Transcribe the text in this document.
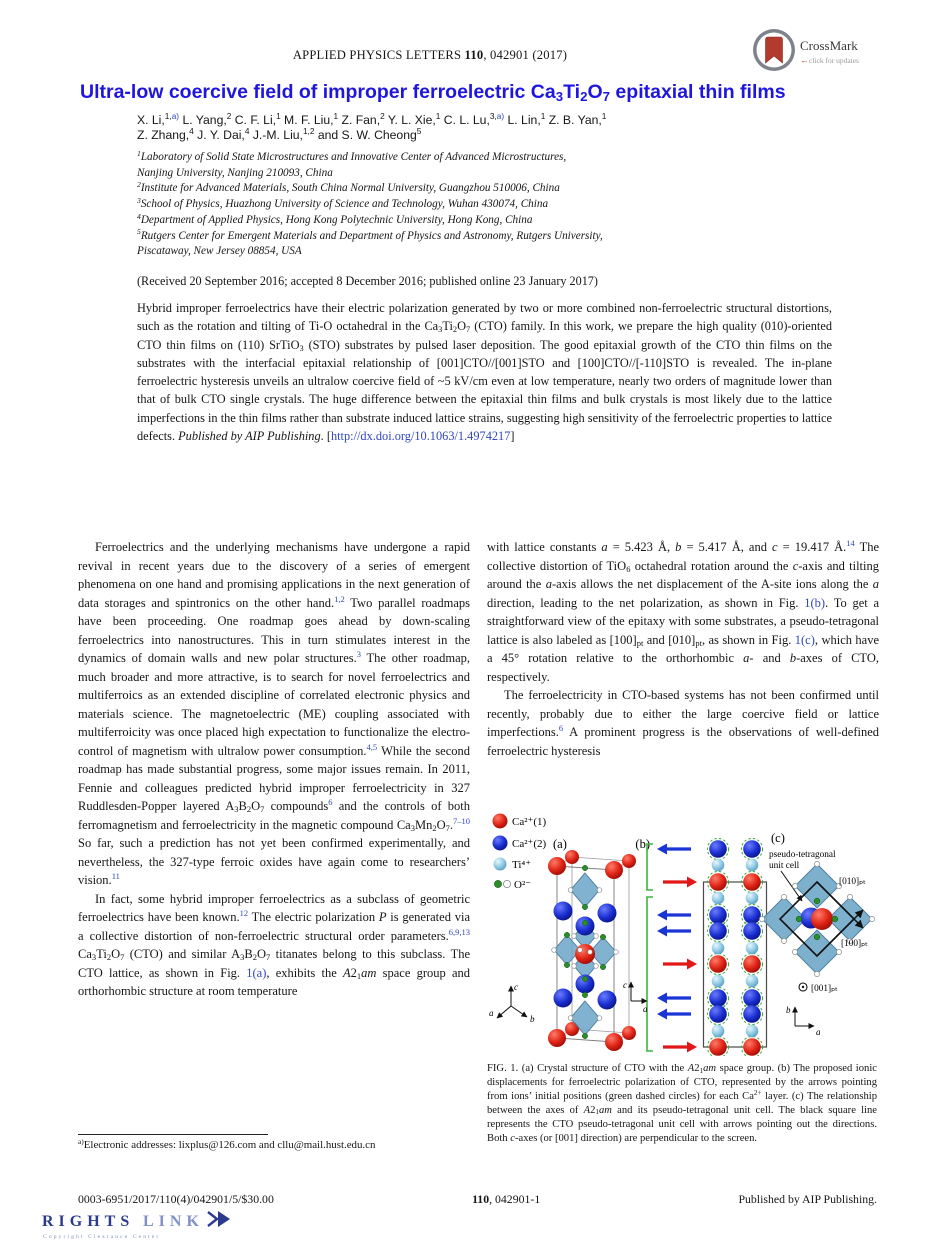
APPLIED PHYSICS LETTERS 110, 042901 (2017)
CrossMark
← click for updates
Ultra-low coercive field of improper ferroelectric $Ca_3Ti_2O_7$ epitaxial thin films
X. Li,$^{1,a)}$ L. Yang,$^2$ C. F. Li,$^1$ M. F. Liu,$^1$ Z. Fan,$^2$ Y. L. Xie,$^1$ C. L. Lu,$^{3,a)}$ L. Lin,$^1$ Z. B. Yan,$^1$
Z. Zhang,$^4$ J. Y. Dai,$^4$ J.-M. Liu,$^{1,2}$ and S. W. Cheong$^5$
$^1$Laboratory of Solid State Microstructures and Innovative Center of Advanced Microstructures,
Nanjing University, Nanjing 210093, China
$^2$Institute for Advanced Materials, South China Normal University, Guangzhou 510006, China
$^3$School of Physics, Huazhong University of Science and Technology, Wuhan 430074, China
$^4$Department of Applied Physics, Hong Kong Polytechnic University, Hong Kong, China
$^5$Rutgers Center for Emergent Materials and Department of Physics and Astronomy, Rutgers University,
Piscataway, New Jersey 08854, USA
(Received 20 September 2016; accepted 8 December 2016; published online 23 January 2017)
Hybrid improper ferroelectrics have their electric polarization generated by two or more combined non-ferroelectric structural distortions, such as the rotation and tilting of Ti-O octahedral in the $Ca_3Ti_2O_7$ (CTO) family. In this work, we prepare the high quality (010)-oriented CTO thin films on (110) SrTiO$_3$ (STO) substrates by pulsed laser deposition. The good epitaxial growth of the CTO thin films on the substrates with the interfacial epitaxial relationship of [001]CTO//[001]STO and [100]CTO//[-110]STO is revealed. The in-plane ferroelectric hysteresis unveils an ultralow coercive field of ~5 kV/cm even at low temperature, nearly two orders of magnitude lower than that of bulk CTO single crystals. The huge difference between the epitaxial thin films and bulk crystals is most likely due to the lattice imperfections in the thin films rather than substrate induced lattice strains, suggesting high sensitivity of the ferroelectric properties to lattice defects. Published by AIP Publishing. [http://dx.doi.org/10.1063/1.4974217]

Ferroelectrics and the underlying mechanisms have undergone a rapid revival in recent years due to the discovery of a series of emergent phenomena on one hand and promising applications in the next generation of data storages and spintronics on the other hand.$^{1,2}$ Two parallel roadmaps have been proceeding. One roadmap goes ahead by down-scaling ferroelectrics into nanostructures. This in turn stimulates interest in the dynamics of domain walls and new polar structures.$^3$ The other roadmap, much broader and more attractive, is to search for novel ferroelectrics and multiferroics as an extended discipline of correlated electronic physics and materials science. The magnetoelectric (ME) coupling associated with multiferroicity was once placed high expectation to functionalize the electro-control of magnetism with ultralow power consumption.$^{4,5}$ While the second roadmap has made substantial progress, some major issues remain. In 2011, Fennie and colleagues predicted hybrid improper ferroelectricity in 327 Ruddlesden-Popper layered $A_3B_2O_7$ compounds$^6$ and the controls of both ferromagnetism and ferroelectricity in the magnetic compound $Ca_3Mn_2O_7.^{7-10}$ So far, such a prediction has not yet been confirmed experimentally, and nevertheless, the 327-type ferroic oxides have again come to researchers’ vision.$^{11}$

In fact, some hybrid improper ferroelectrics as a subclass of geometric ferroelectrics have been known.$^{12}$ The electric polarization P is generated via a collective distortion of non-ferroelectric structural order parameters.$^{6,9,13}$ $Ca_3Ti_2O_7$ (CTO) and similar $A_3B_2O_7$ titanates belong to this subclass. The CTO lattice, as shown in Fig. 1(a), exhibits the $A2_1am$ space group and orthorhombic structure at room temperature

with lattice constants a = 5.423 Å, b = 5.417 Å, and c = 19.417 Å.$^{14}$ The collective distortion of TiO$_6$ octahedral rotation around the c-axis and tilting around the a-axis allows the net displacement of the A-site ions along the a direction, leading to the net polarization, as shown in Fig. 1(b). To get a straightforward view of the epitaxy with some substrates, a pseudo-tetragonal lattice is also labeled as $[100]_{pt}$ and $[010]_{pt}$, as shown in Fig. 1(c), which have a 45° rotation relative to the orthorhombic a- and b-axes of CTO, respectively.

The ferroelectricity in CTO-based systems has not been confirmed until recently, probably due to either the large coercive field or lattice imperfections.$^6$ A prominent progress is the observations of well-defined ferroelectric hysteresis

Ca²⁺(1)
Ca²⁺(2)
Ti⁴⁺
O²⁻
(a)
c
a
b
(b)
c
a
(c)
pseudo-tetragonal
unit cell
[010]ₚₜ
[100]ₚₜ
[001]ₚₜ
b
a
FIG. 1. (a) Crystal structure of CTO with the $A2_1am$ space group. (b) The proposed ionic displacements for ferroelectric polarization of CTO, represented by the arrows pointing from ions’ initial positions (green dashed circles) for each $Ca^{2+}$ layer. (c) The relationship between the axes of $A2_1am$ and its pseudo-tetragonal unit cell. The black square line represents the CTO pseudo-tetragonal unit cell with arrows pointing out the directions. Both c-axes (or [001] direction) are perpendicular to the screen.
$^{a)}$Electronic addresses: lixplus@126.com and cllu@mail.hust.edu.cn
0003-6951/2017/110(4)/042901/5/$30.00	110, 042901-1	Published by AIP Publishing.
RIGHTS LINK
Copyright Clearance Center
